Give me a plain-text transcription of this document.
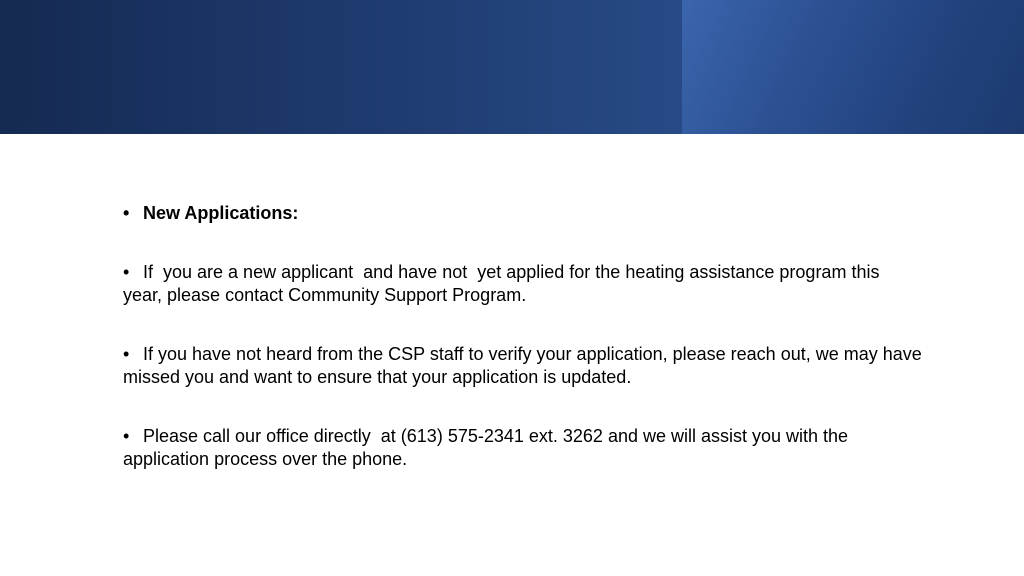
• New Applications:

• If  you are a new applicant  and have not  yet applied for the heating assistance program this year, please contact Community Support Program.

• If you have not heard from the CSP staff to verify your application, please reach out, we may have missed you and want to ensure that your application is updated.

• Please call our office directly  at (613) 575-2341 ext. 3262 and we will assist you with the application process over the phone.
